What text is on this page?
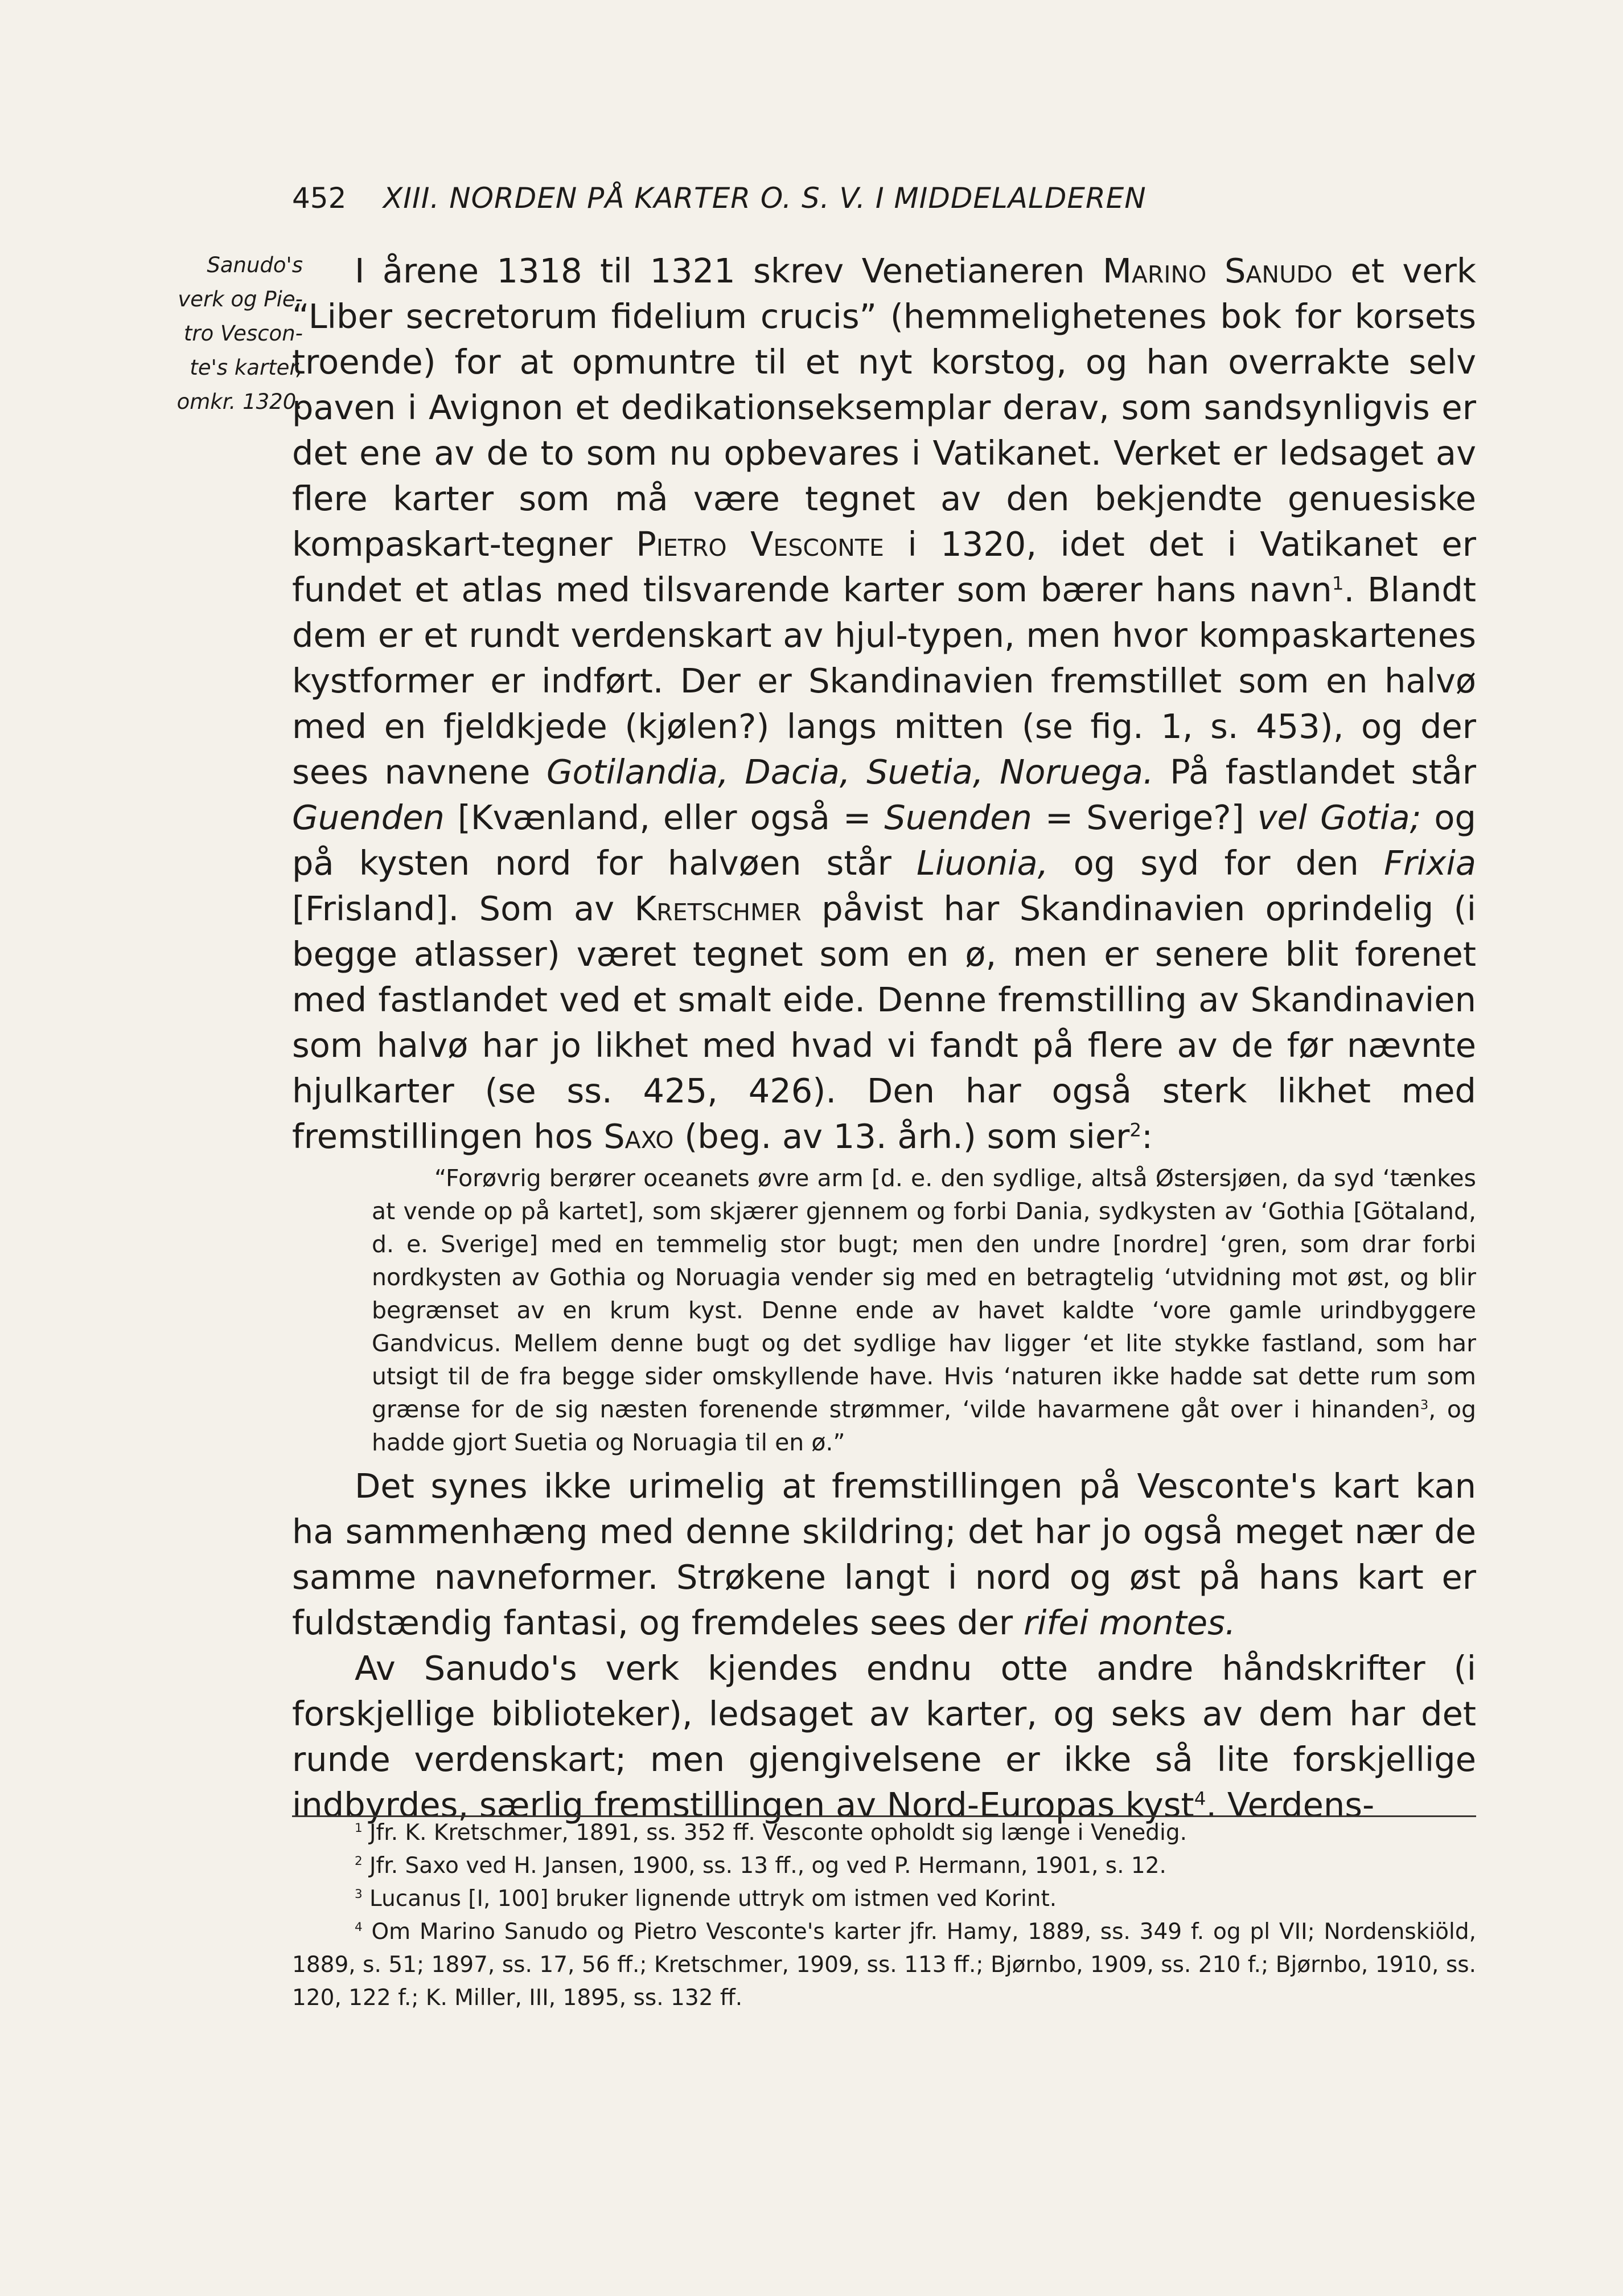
452 XIII. NORDEN PÅ KARTER O. S. V. I MIDDELALDEREN
Sanudo's
verk og Pie-
tro Vescon-
te's karter,
omkr. 1320.

I årene 1318 til 1321 skrev Venetianeren Marino Sanudo et verk “Liber secretorum fidelium crucis” (hemmelighetenes bok for korsets troende) for at opmuntre til et nyt korstog, og han overrakte selv paven i Avignon et dedikationseksemplar derav, som sandsynligvis er det ene av de to som nu opbevares i Vatikanet. Verket er ledsaget av flere karter som må være tegnet av den bekjendte genuesiske kompaskart-tegner Pietro Vesconte i 1320, idet det i Vatikanet er fundet et atlas med tilsvarende karter som bærer hans navn$^1$. Blandt dem er et rundt verdenskart av hjul-typen, men hvor kompaskartenes kystformer er indført. Der er Skandinavien fremstillet som en halvø med en fjeldkjede (kjølen?) langs mitten (se fig. 1, s. 453), og der sees navnene Gotilandia, Dacia, Suetia, Noruega. På fastlandet står Guenden [Kvænland, eller også = Suenden = Sverige?] vel Gotia; og på kysten nord for halvøen står Liuonia, og syd for den Frixia [Frisland]. Som av Kretschmer påvist har Skandinavien oprindelig (i begge atlasser) været tegnet som en ø, men er senere blit forenet med fastlandet ved et smalt eide. Denne fremstilling av Skandinavien som halvø har jo likhet med hvad vi fandt på flere av de før nævnte hjulkarter (se ss. 425, 426). Den har også sterk likhet med fremstillingen hos Saxo (beg. av 13. årh.) som sier$^2$:

“Forøvrig berører oceanets øvre arm [d. e. den sydlige, altså Østersjøen, da syd ‘tænkes at vende op på kartet], som skjærer gjennem og forbi Dania, sydkysten av ‘Gothia [Götaland, d. e. Sverige] med en temmelig stor bugt; men den undre [nordre] ‘gren, som drar forbi nordkysten av Gothia og Noruagia vender sig med en betragtelig ‘utvidning mot øst, og blir begrænset av en krum kyst. Denne ende av havet kaldte ‘vore gamle urindbyggere Gandvicus. Mellem denne bugt og det sydlige hav ligger ‘et lite stykke fastland, som har utsigt til de fra begge sider omskyllende have. Hvis ‘naturen ikke hadde sat dette rum som grænse for de sig næsten forenende strømmer, ‘vilde havarmene gåt over i hinanden$^3$, og hadde gjort Suetia og Noruagia til en ø.”

Det synes ikke urimelig at fremstillingen på Vesconte's kart kan ha sammenhæng med denne skildring; det har jo også meget nær de samme navneformer. Strøkene langt i nord og øst på hans kart er fuldstændig fantasi, og fremdeles sees der rifei montes.

Av Sanudo's verk kjendes endnu otte andre håndskrifter (i forskjellige biblioteker), ledsaget av karter, og seks av dem har det runde verdenskart; men gjengivelsene er ikke så lite forskjellige indbyrdes, særlig fremstillingen av Nord-Europas kyst$^4$. Verdens-

$^1$ Jfr. K. Kretschmer, 1891, ss. 352 ff. Vesconte opholdt sig længe i Venedig.

$^2$ Jfr. Saxo ved H. Jansen, 1900, ss. 13 ff., og ved P. Hermann, 1901, s. 12.

$^3$ Lucanus [I, 100] bruker lignende uttryk om istmen ved Korint.

$^4$ Om Marino Sanudo og Pietro Vesconte's karter jfr. Hamy, 1889, ss. 349 f. og pl VII; Nordenskiöld, 1889, s. 51; 1897, ss. 17, 56 ff.; Kretschmer, 1909, ss. 113 ff.; Bjørnbo, 1909, ss. 210 f.; Bjørnbo, 1910, ss. 120, 122 f.; K. Miller, III, 1895, ss. 132 ff.
